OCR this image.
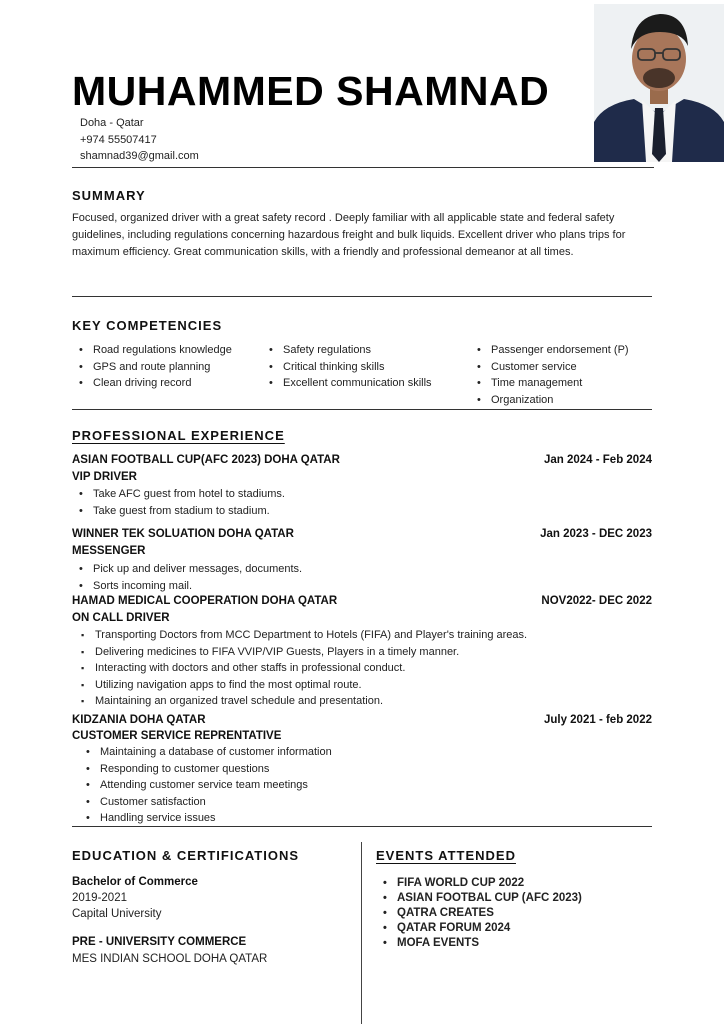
MUHAMMED SHAMNAD
Doha - Qatar
+974 55507417
shamnad39@gmail.com
SUMMARY
Focused, organized driver with a great safety record . Deeply familiar with all applicable state and federal safety guidelines, including regulations concerning hazardous freight and bulk liquids. Excellent driver who plans trips for maximum efficiency. Great communication skills, with a friendly and professional demeanor at all times.
KEY COMPETENCIES
• Road regulations knowledge
• GPS and route planning
• Clean driving record
• Safety regulations
• Critical thinking skills
• Excellent communication skills
• Passenger endorsement (P)
• Customer service
• Time management
• Organization
PROFESSIONAL EXPERIENCE
ASIAN FOOTBALL CUP(AFC 2023) DOHA QATAR	Jan 2024 - Feb 2024
VIP DRIVER
• Take AFC guest from hotel to stadiums.
• Take guest from stadium to stadium.
WINNER TEK SOLUATION DOHA QATAR	Jan 2023 - DEC 2023
MESSENGER
• Pick up and deliver messages, documents.
• Sorts incoming mail.
HAMAD MEDICAL COOPERATION DOHA QATAR	NOV2022- DEC 2022
ON CALL DRIVER
▪ Transporting Doctors from MCC Department to Hotels (FIFA) and Player's training areas.
▪ Delivering medicines to FIFA VVIP/VIP Guests, Players in a timely manner.
▪ Interacting with doctors and other staffs in professional conduct.
▪ Utilizing navigation apps to find the most optimal route.
▪ Maintaining an organized travel schedule and presentation.
KIDZANIA DOHA QATAR	July 2021 - feb 2022
CUSTOMER SERVICE REPRENTATIVE
• Maintaining a database of customer information
• Responding to customer questions
• Attending customer service team meetings
• Customer satisfaction
• Handling service issues
EDUCATION & CERTIFICATIONS
Bachelor of Commerce
2019-2021
Capital University
PRE - UNIVERSITY COMMERCE
MES INDIAN SCHOOL DOHA QATAR
EVENTS ATTENDED
• FIFA WORLD CUP 2022
• ASIAN FOOTBAL CUP (AFC 2023)
• QATRA CREATES
• QATAR FORUM 2024
• MOFA EVENTS
